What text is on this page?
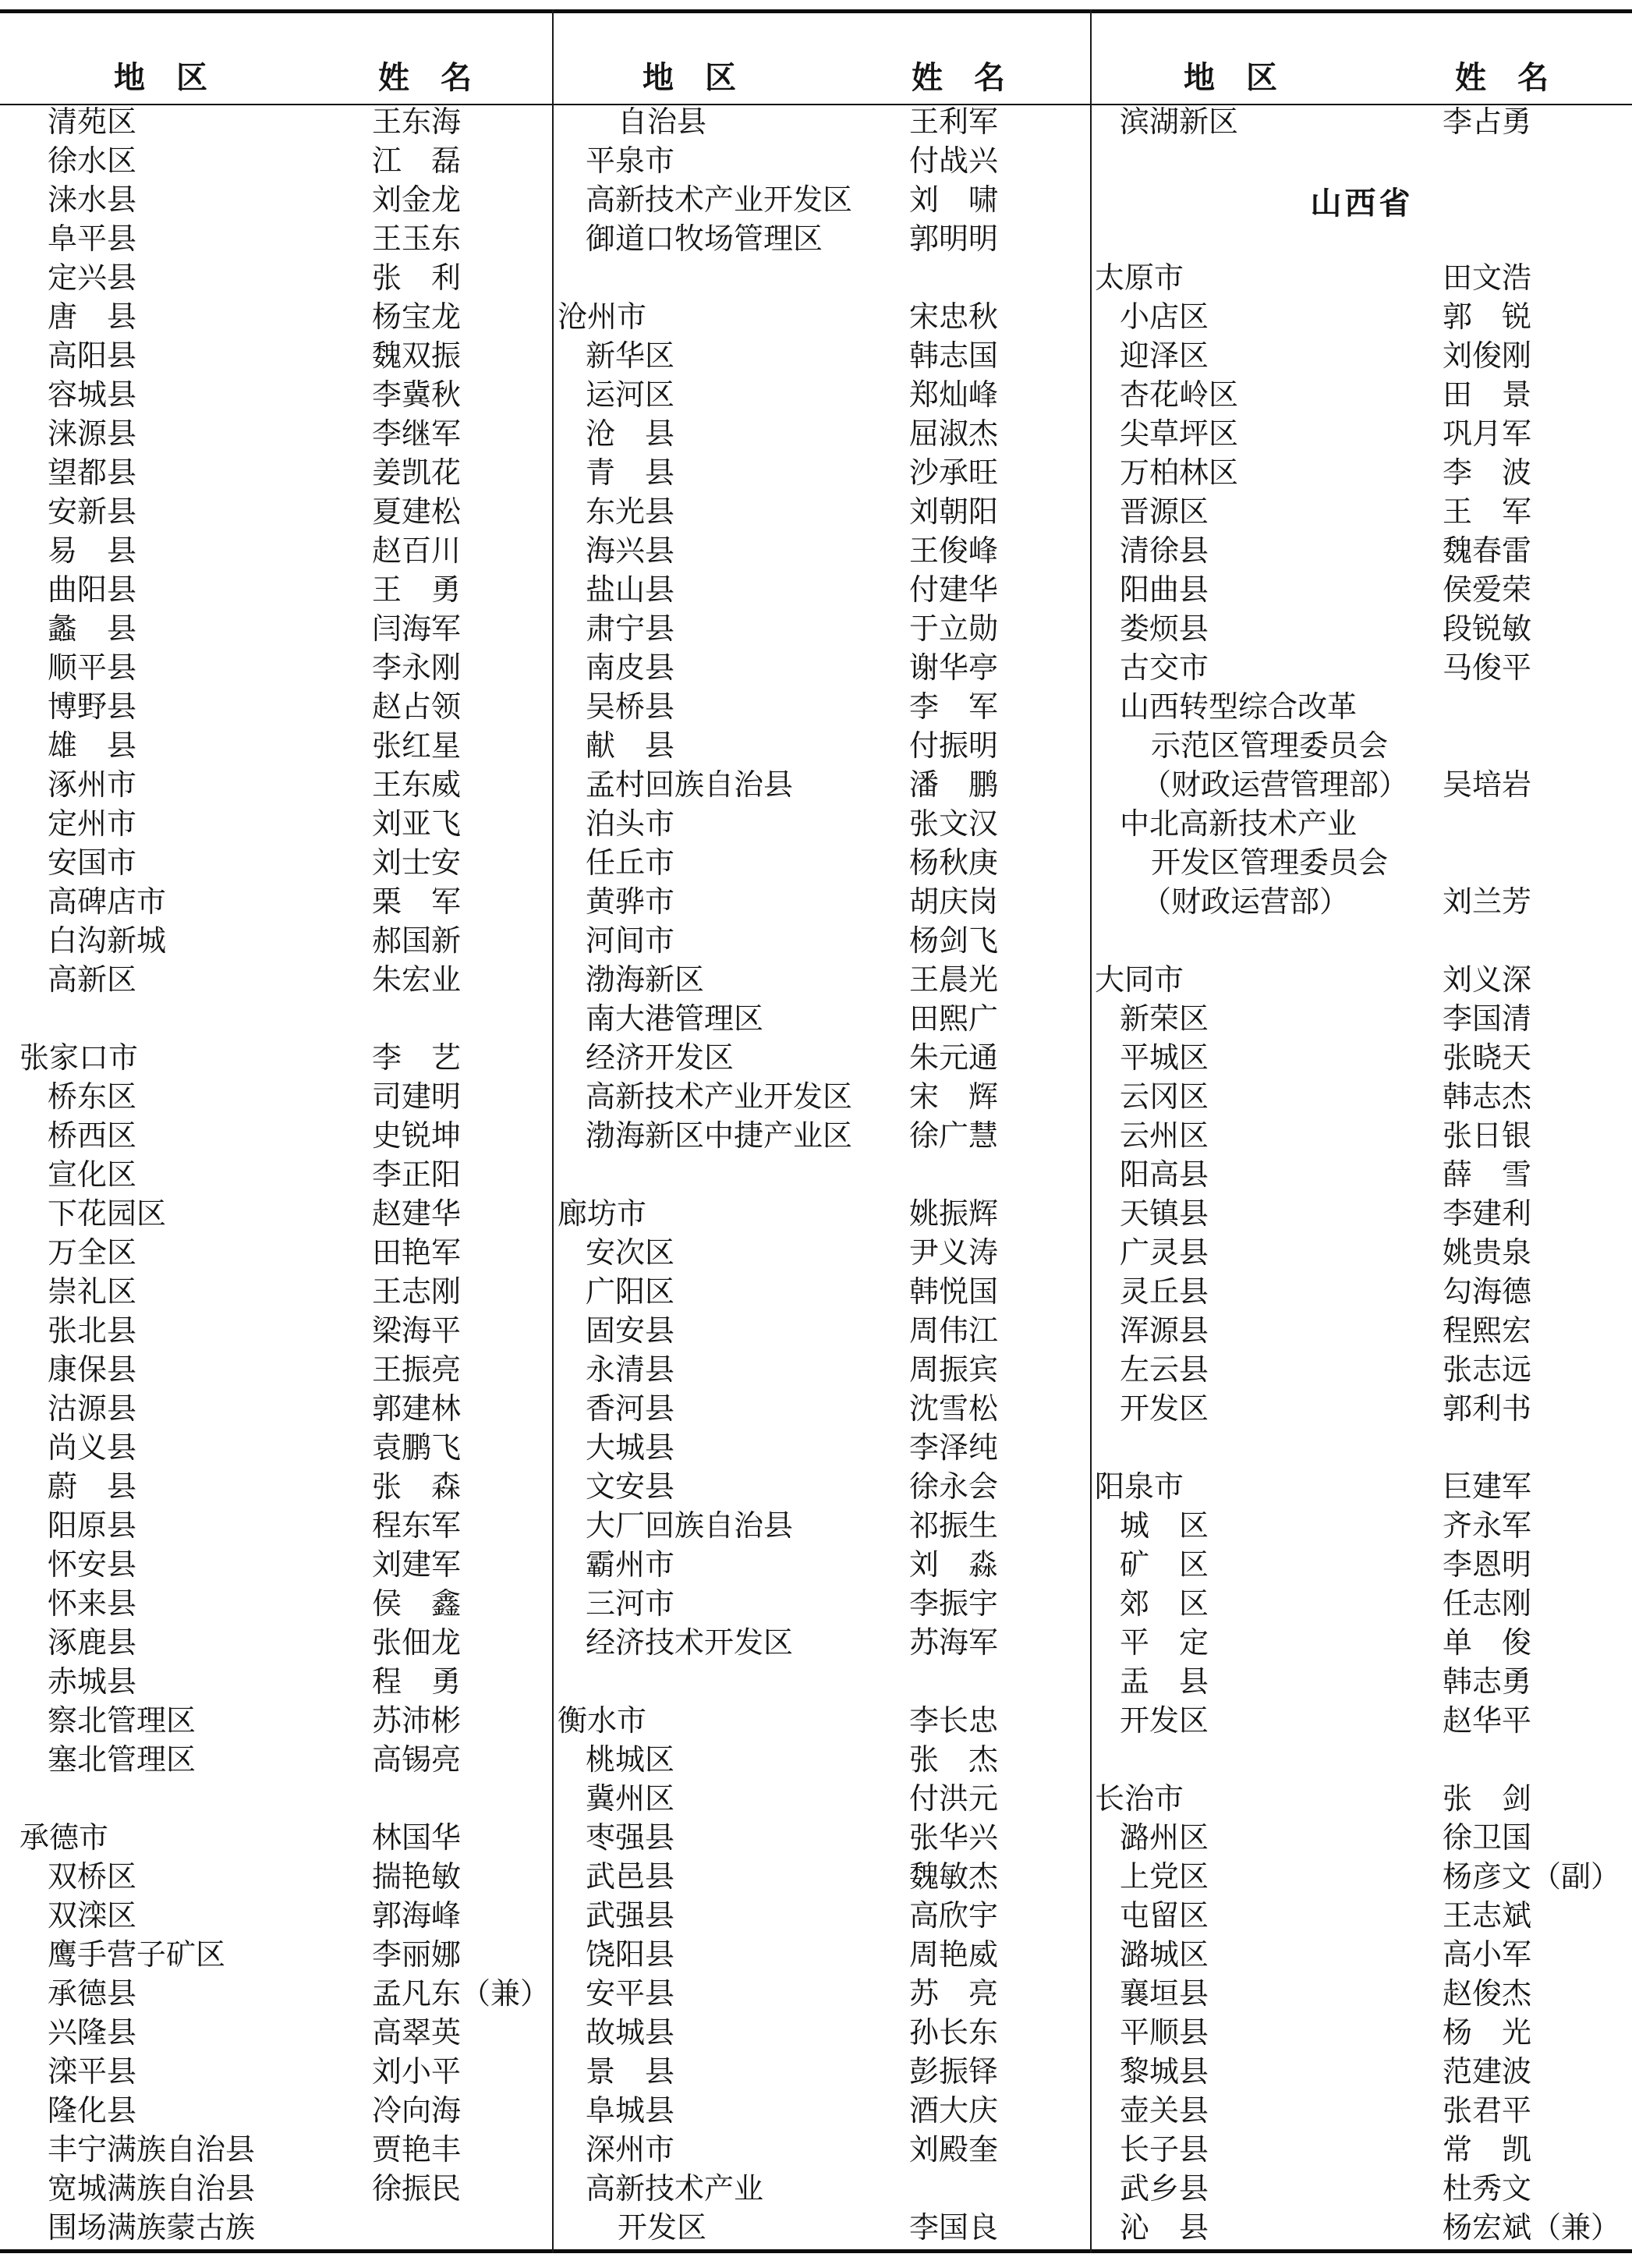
地　区	姓　名	地　区	姓　名	地　区	姓　名
清苑区	王东海
徐水区	江　磊
涞水县	刘金龙
阜平县	王玉东
定兴县	张　利
唐　县	杨宝龙
高阳县	魏双振
容城县	李冀秋
涞源县	李继军
望都县	姜凯花
安新县	夏建松
易　县	赵百川
曲阳县	王　勇
蠡　县	闫海军
顺平县	李永刚
博野县	赵占领
雄　县	张红星
涿州市	王东威
定州市	刘亚飞
安国市	刘士安
高碑店市	栗　军
白沟新城	郝国新
高新区	朱宏业
张家口市	李　艺
桥东区	司建明
桥西区	史锐坤
宣化区	李正阳
下花园区	赵建华
万全区	田艳军
崇礼区	王志刚
张北县	梁海平
康保县	王振亮
沽源县	郭建林
尚义县	袁鹏飞
蔚　县	张　森
阳原县	程东军
怀安县	刘建军
怀来县	侯　鑫
涿鹿县	张佃龙
赤城县	程　勇
察北管理区	苏沛彬
塞北管理区	高锡亮
承德市	林国华
双桥区	揣艳敏
双滦区	郭海峰
鹰手营子矿区	李丽娜
承德县	孟凡东（兼）
兴隆县	高翠英
滦平县	刘小平
隆化县	冷向海
丰宁满族自治县	贾艳丰
宽城满族自治县	徐振民
围场满族蒙古族
自治县	王利军
平泉市	付战兴
高新技术产业开发区 刘　啸
御道口牧场管理区	郭明明
沧州市	宋忠秋
新华区	韩志国
运河区	郑灿峰
沧　县	屈淑杰
青　县	沙承旺
东光县	刘朝阳
海兴县	王俊峰
盐山县	付建华
肃宁县	于立勋
南皮县	谢华亭
吴桥县	李　军
献　县	付振明
孟村回族自治县	潘　鹏
泊头市	张文汉
任丘市	杨秋庚
黄骅市	胡庆岗
河间市	杨剑飞
渤海新区	王晨光
南大港管理区	田熙广
经济开发区	朱元通
高新技术产业开发区 宋　辉
渤海新区中捷产业区 徐广慧
廊坊市	姚振辉
安次区	尹义涛
广阳区	韩悦国
固安县	周伟江
永清县	周振宾
香河县	沈雪松
大城县	李泽纯
文安县	徐永会
大厂回族自治县	祁振生
霸州市	刘　淼
三河市	李振宇
经济技术开发区	苏海军
衡水市	李长忠
桃城区	张　杰
冀州区	付洪元
枣强县	张华兴
武邑县	魏敏杰
武强县	高欣宇
饶阳县	周艳威
安平县	苏　亮
故城县	孙长东
景　县	彭振铎
阜城县	酒大庆
深州市	刘殿奎
高新技术产业
开发区	李国良
滨湖新区	李占勇
山西省
太原市	田文浩
小店区	郭　锐
迎泽区	刘俊刚
杏花岭区	田　景
尖草坪区	巩月军
万柏林区	李　波
晋源区	王　军
清徐县	魏春雷
阳曲县	侯爱荣
娄烦县	段锐敏
古交市	马俊平
山西转型综合改革
示范区管理委员会
（财政运营管理部） 吴培岩
中北高新技术产业
开发区管理委员会
（财政运营部）	刘兰芳
大同市	刘义深
新荣区	李国清
平城区	张晓天
云冈区	韩志杰
云州区	张日银
阳高县	薛　雪
天镇县	李建利
广灵县	姚贵泉
灵丘县	勾海德
浑源县	程熙宏
左云县	张志远
开发区	郭利书
阳泉市	巨建军
城　区	齐永军
矿　区	李恩明
郊　区	任志刚
平　定	单　俊
盂　县	韩志勇
开发区	赵华平
长治市	张　剑
潞州区	徐卫国
上党区	杨彦文（副）
屯留区	王志斌
潞城区	高小军
襄垣县	赵俊杰
平顺县	杨　光
黎城县	范建波
壶关县	张君平
长子县	常　凯
武乡县	杜秀文
沁　县	杨宏斌（兼）
